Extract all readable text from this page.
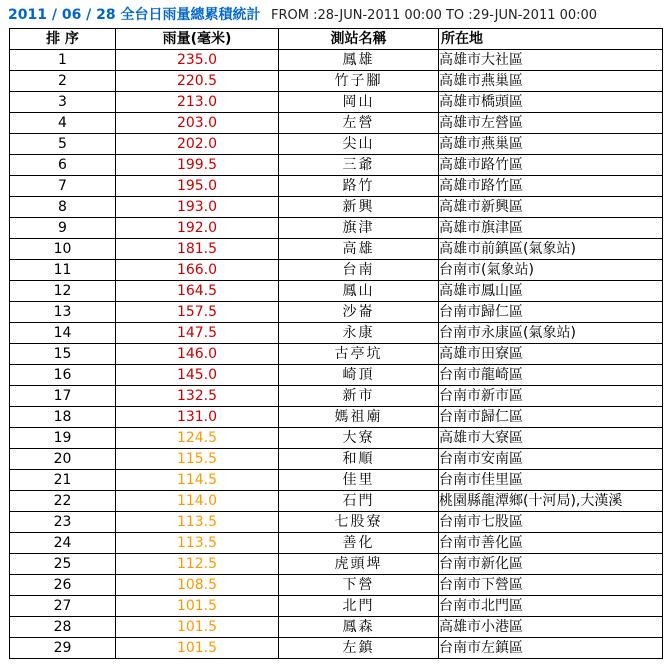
2011 / 06 / 28 全台日雨量總累積統計 FROM :28-JUN-2011 00:00 TO :29-JUN-2011 00:00
排 序	雨量(毫米)	測站名稱	所在地
1	235.0	鳳雄	高雄市大社區
2	220.5	竹子腳	高雄市燕巢區
3	213.0	岡山	高雄市橋頭區
4	203.0	左營	高雄市左營區
5	202.0	尖山	高雄市燕巢區
6	199.5	三爺	高雄市路竹區
7	195.0	路竹	高雄市路竹區
8	193.0	新興	高雄市新興區
9	192.0	旗津	高雄市旗津區
10	181.5	高雄	高雄市前鎮區(氣象站)
11	166.0	台南	台南市(氣象站)
12	164.5	鳳山	高雄市鳳山區
13	157.5	沙崙	台南市歸仁區
14	147.5	永康	台南市永康區(氣象站)
15	146.0	古亭坑	高雄市田寮區
16	145.0	崎頂	台南市龍崎區
17	132.5	新市	台南市新市區
18	131.0	媽祖廟	台南市歸仁區
19	124.5	大寮	高雄市大寮區
20	115.5	和順	台南市安南區
21	114.5	佳里	台南市佳里區
22	114.0	石門	桃園縣龍潭鄉(十河局),大漢溪
23	113.5	七股寮	台南市七股區
24	113.5	善化	台南市善化區
25	112.5	虎頭埤	台南市新化區
26	108.5	下營	台南市下營區
27	101.5	北門	台南市北門區
28	101.5	鳳森	高雄市小港區
29	101.5	左鎮	台南市左鎮區
